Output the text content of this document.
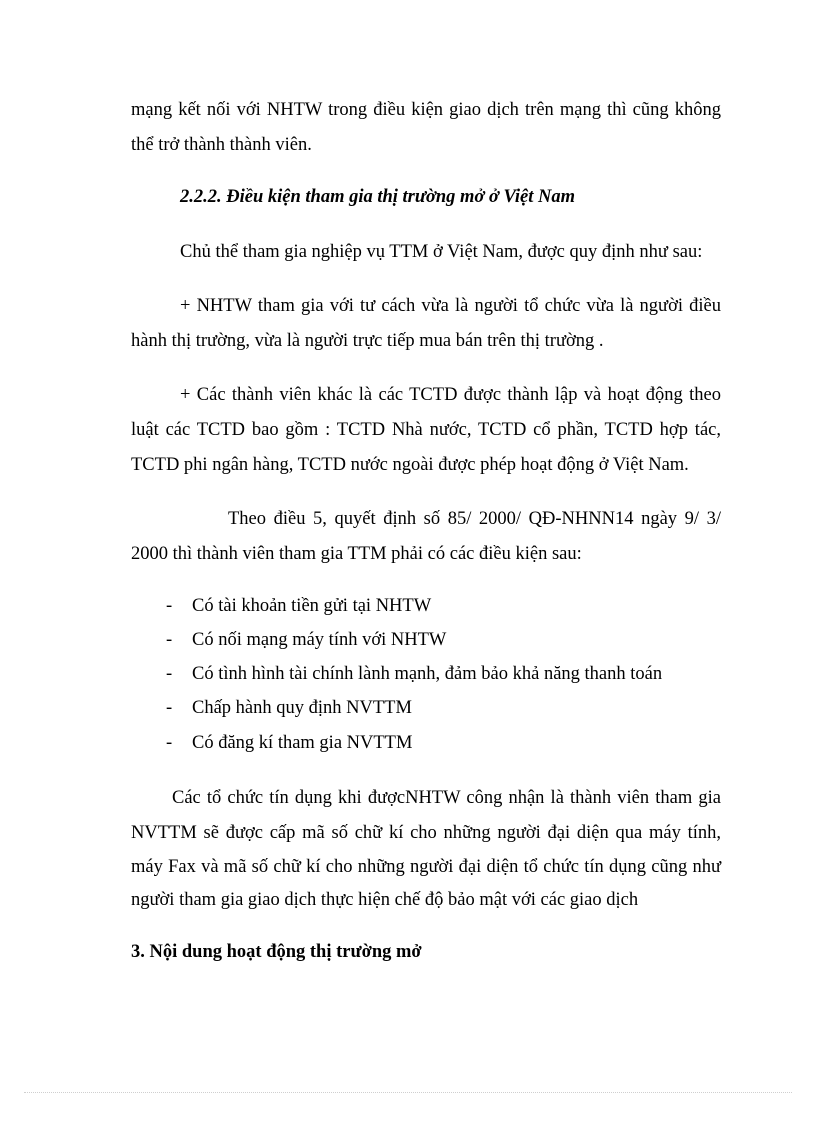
mạng kết nối với NHTW trong điều kiện giao dịch trên mạng thì cũng không
thể trở thành thành viên.
2.2.2. Điều kiện tham gia thị trường mở ở Việt Nam
Chủ thể tham gia nghiệp vụ TTM ở Việt Nam, được quy định như sau:
+ NHTW tham gia với tư cách vừa là người tổ chức vừa là người điều
hành thị trường, vừa là người trực tiếp mua bán trên thị trường .
+ Các thành viên khác là các TCTD được thành lập và hoạt động theo
luật các TCTD bao gồm : TCTD Nhà nước, TCTD cổ phần, TCTD hợp tác,
TCTD phi ngân hàng, TCTD nước ngoài được phép hoạt động ở Việt Nam.
Theo điều 5, quyết định số 85/ 2000/ QĐ-NHNN14 ngày 9/ 3/
2000 thì thành viên tham gia TTM phải có các điều kiện sau:
-	Có tài khoản tiền gửi tại NHTW
-	Có nối mạng máy tính với NHTW
-	Có tình hình tài chính lành mạnh, đảm bảo khả năng thanh toán
-	Chấp hành quy định NVTTM
-	Có đăng kí tham gia NVTTM
Các tổ chức tín dụng khi đượcNHTW công nhận là thành viên tham gia
NVTTM sẽ được cấp mã số chữ kí cho những người đại diện qua máy tính,
máy Fax và mã số chữ kí cho những người đại diện tổ chức tín dụng cũng như
người tham gia giao dịch thực hiện chế độ bảo mật với các giao dịch
3. Nội dung hoạt động thị trường mở
